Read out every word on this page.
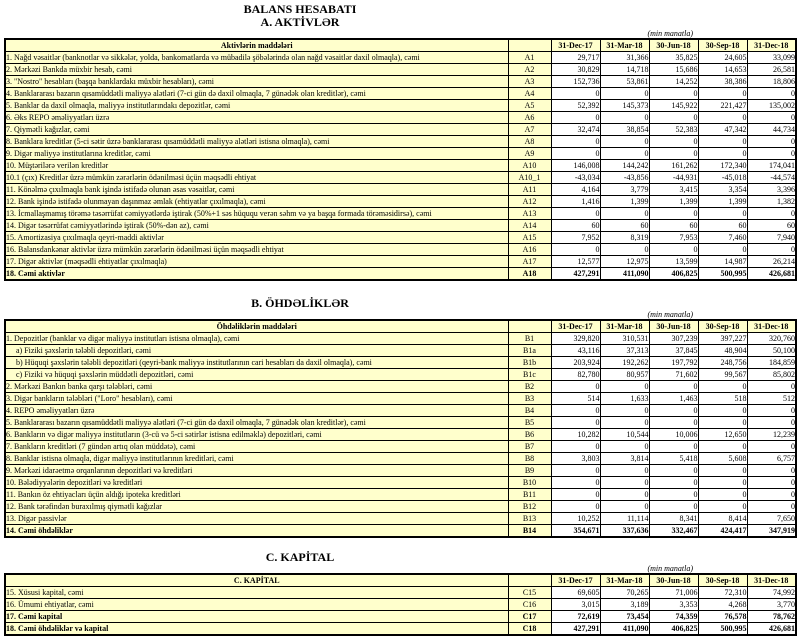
BALANS HESABATI
A. AKTİVLƏR
(min manatla)
Aktivlərin maddələri		31-Dec-17	31-Mar-18	30-Jun-18	30-Sep-18	31-Dec-18
1. Nağd vəsaitlər (banknotlar və sikkələr, yolda, bankomatlarda və mübadilə şöbələrində olan nağd vəsaitlər daxil olmaqla), cəmi	A1	29,717	31,366	35,825	24,605	33,099
2. Mərkəzi Bankda müxbir hesab, cəmi	A2	30,829	14,718	15,686	14,653	26,581
3. "Nostro" hesabları (başqa banklardakı müxbir hesabları), cəmi	A3	152,736	53,861	14,252	38,386	18,806
4. Banklararası bazarın qısamüddətli maliyyə alətləri (7-ci gün də daxil olmaqla, 7 günədək olan kreditlər), cəmi	A4	0	0	0	0	0
5. Banklar da daxil olmaqla, maliyyə institutlarındakı depozitlər, cəmi	A5	52,392	145,373	145,922	221,427	135,002
6. Əks REPO əməliyyatları üzrə	A6	0	0	0	0	0
7. Qiymətli kağızlar, cəmi	A7	32,474	38,854	52,383	47,342	44,734
8. Banklara kreditlər (5-ci sətir üzrə banklararası qısamüddətli maliyyə alətləri istisna olmaqla), cəmi	A8	0	0	0	0	0
9. Digər maliyyə institutlarına kreditlər, cəmi	A9	0	0	0	0	0
10. Müştərilərə verilən kreditlər	A10	146,008	144,242	161,262	172,340	174,041
10.1 (çıx) Kreditlər üzrə mümkün zərərlərin ödənilməsi üçün məqsədli ehtiyat	A10_1	-43,034	-43,856	-44,931	-45,018	-44,574
11. Könəlmə çıxılmaqla bank işində istifadə olunan əsas vəsaitlər, cəmi	A11	4,164	3,779	3,415	3,354	3,396
12. Bank işində istifadə olunmayan daşınmaz əmlak (ehtiyatlar çıxılmaqla), cəmi	A12	1,416	1,399	1,399	1,399	1,382
13. İcmallaşmamış törəmə təsərrüfat cəmiyyətlərdə iştirak (50%+1 səs hüququ verən səhm və ya başqa formada törəməsidirsə), cəmi	A13	0	0	0	0	0
14. Digər təsərrüfat cəmiyyətlərində iştirak (50%-dən az), cəmi	A14	60	60	60	60	60
15. Amortizasiya çıxılmaqla qeyri-maddi aktivlər	A15	7,952	8,319	7,953	7,460	7,940
16. Balansdankənar aktivlər üzrə mümkün zərərlərin ödənilməsi üçün məqsədli ehtiyat	A16	0	0	0	0	0
17. Digər aktivlər (məqsədli ehtiyatlar çıxılmaqla)	A17	12,577	12,975	13,599	14,987	26,214
18. Cəmi aktivlər	A18	427,291	411,090	406,825	500,995	426,681
B. ÖHDƏLİKLƏR
(min manatla)
Öhdəliklərin maddələri		31-Dec-17	31-Mar-18	30-Jun-18	30-Sep-18	31-Dec-18
1. Depozitlər (banklar və digər maliyyə institutları istisna olmaqla), cəmi	B1	329,820	310,531	307,239	397,227	320,760
a) Fiziki şəxslərin tələbli depozitləri, cəmi	B1a	43,116	37,313	37,845	48,904	50,100
b) Hüquqi şəxslərin tələbli depozitləri (qeyri-bank maliyyə institutlarının cari hesabları da daxil olmaqla), cəmi	B1b	203,924	192,262	197,792	248,756	184,859
c) Fiziki və hüquqi şəxslərin müddətli depozitləri, cəmi	B1c	82,780	80,957	71,602	99,567	85,802
2. Mərkəzi Bankın banka qarşı tələbləri, cəmi	B2	0	0	0	0	0
3. Digər bankların tələbləri ("Loro" hesabları), cəmi	B3	514	1,633	1,463	518	512
4. REPO əməliyyatları üzrə	B4	0	0	0	0	0
5. Banklararası bazarın qısamüddətli maliyyə alətləri (7-ci gün də daxil olmaqla, 7 günədək olan kreditlər), cəmi	B5	0	0	0	0	0
6. Bankların və digər maliyyə institutların (3-cü və 5-ci sətirlər istisna edilməklə) depozitləri, cəmi	B6	10,282	10,544	10,006	12,650	12,239
7. Bankların kreditləri (7 gündən artıq olan müddətə), cəmi	B7	0	0	0	0	0
8. Banklar istisna olmaqla, digər maliyyə institutlarının kreditləri, cəmi	B8	3,803	3,814	5,418	5,608	6,757
9. Mərkəzi idarəetmə orqanlarının depozitləri və kreditləri	B9	0	0	0	0	0
10. Bələdiyyələrin depozitləri və kreditləri	B10	0	0	0	0	0
11. Bankın öz ehtiyacları üçün aldığı ipoteka kreditləri	B11	0	0	0	0	0
12. Bank tərəfindən buraxılmış qiymətli kağızlar	B12	0	0	0	0	0
13. Digər passivlər	B13	10,252	11,114	8,341	8,414	7,650
14. Cəmi öhdəliklər	B14	354,671	337,636	332,467	424,417	347,919
C. KAPİTAL
(min manatla)
C. KAPİTAL		31-Dec-17	31-Mar-18	30-Jun-18	30-Sep-18	31-Dec-18
15. Xüsusi kapital, cəmi	C15	69,605	70,265	71,006	72,310	74,992
16. Ümumi ehtiyatlar, cəmi	C16	3,015	3,189	3,353	4,268	3,770
17. Cəmi kapital	C17	72,619	73,454	74,359	76,578	78,762
18. Cəmi öhdəliklər və kapital	C18	427,291	411,090	406,825	500,995	426,681
